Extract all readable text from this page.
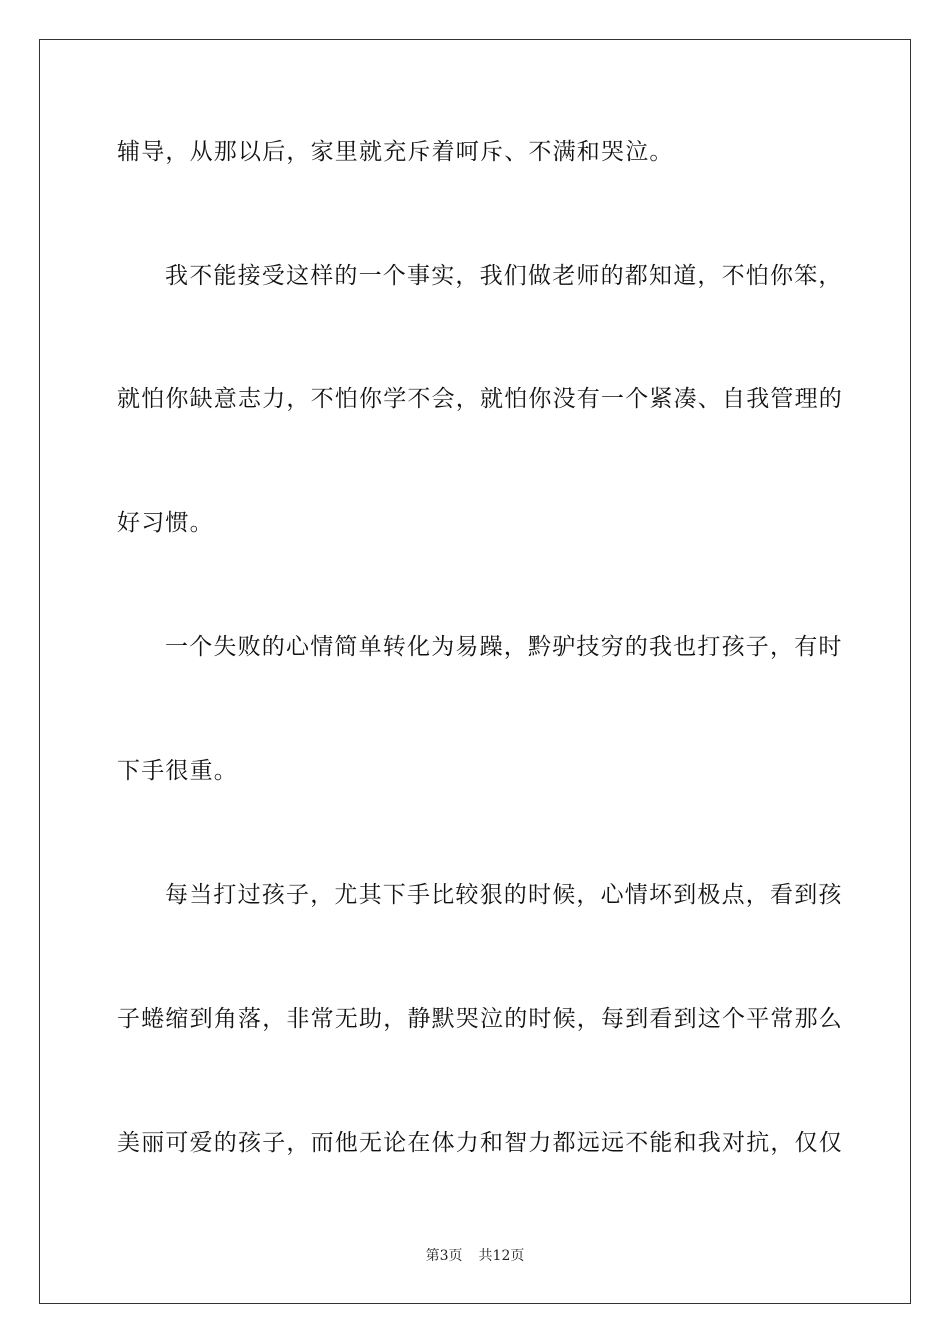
辅导，从那以后，家里就充斥着呵斥、不满和哭泣。
我不能接受这样的一个事实，我们做老师的都知道，不怕你笨，
就怕你缺意志力，不怕你学不会，就怕你没有一个紧凑、自我管理的
好习惯。
一个失败的心情简单转化为易躁，黔驴技穷的我也打孩子，有时
下手很重。
每当打过孩子，尤其下手比较狠的时候，心情坏到极点，看到孩
子蜷缩到角落，非常无助，静默哭泣的时候，每到看到这个平常那么
美丽可爱的孩子，而他无论在体力和智力都远远不能和我对抗，仅仅
第3页 共12页
